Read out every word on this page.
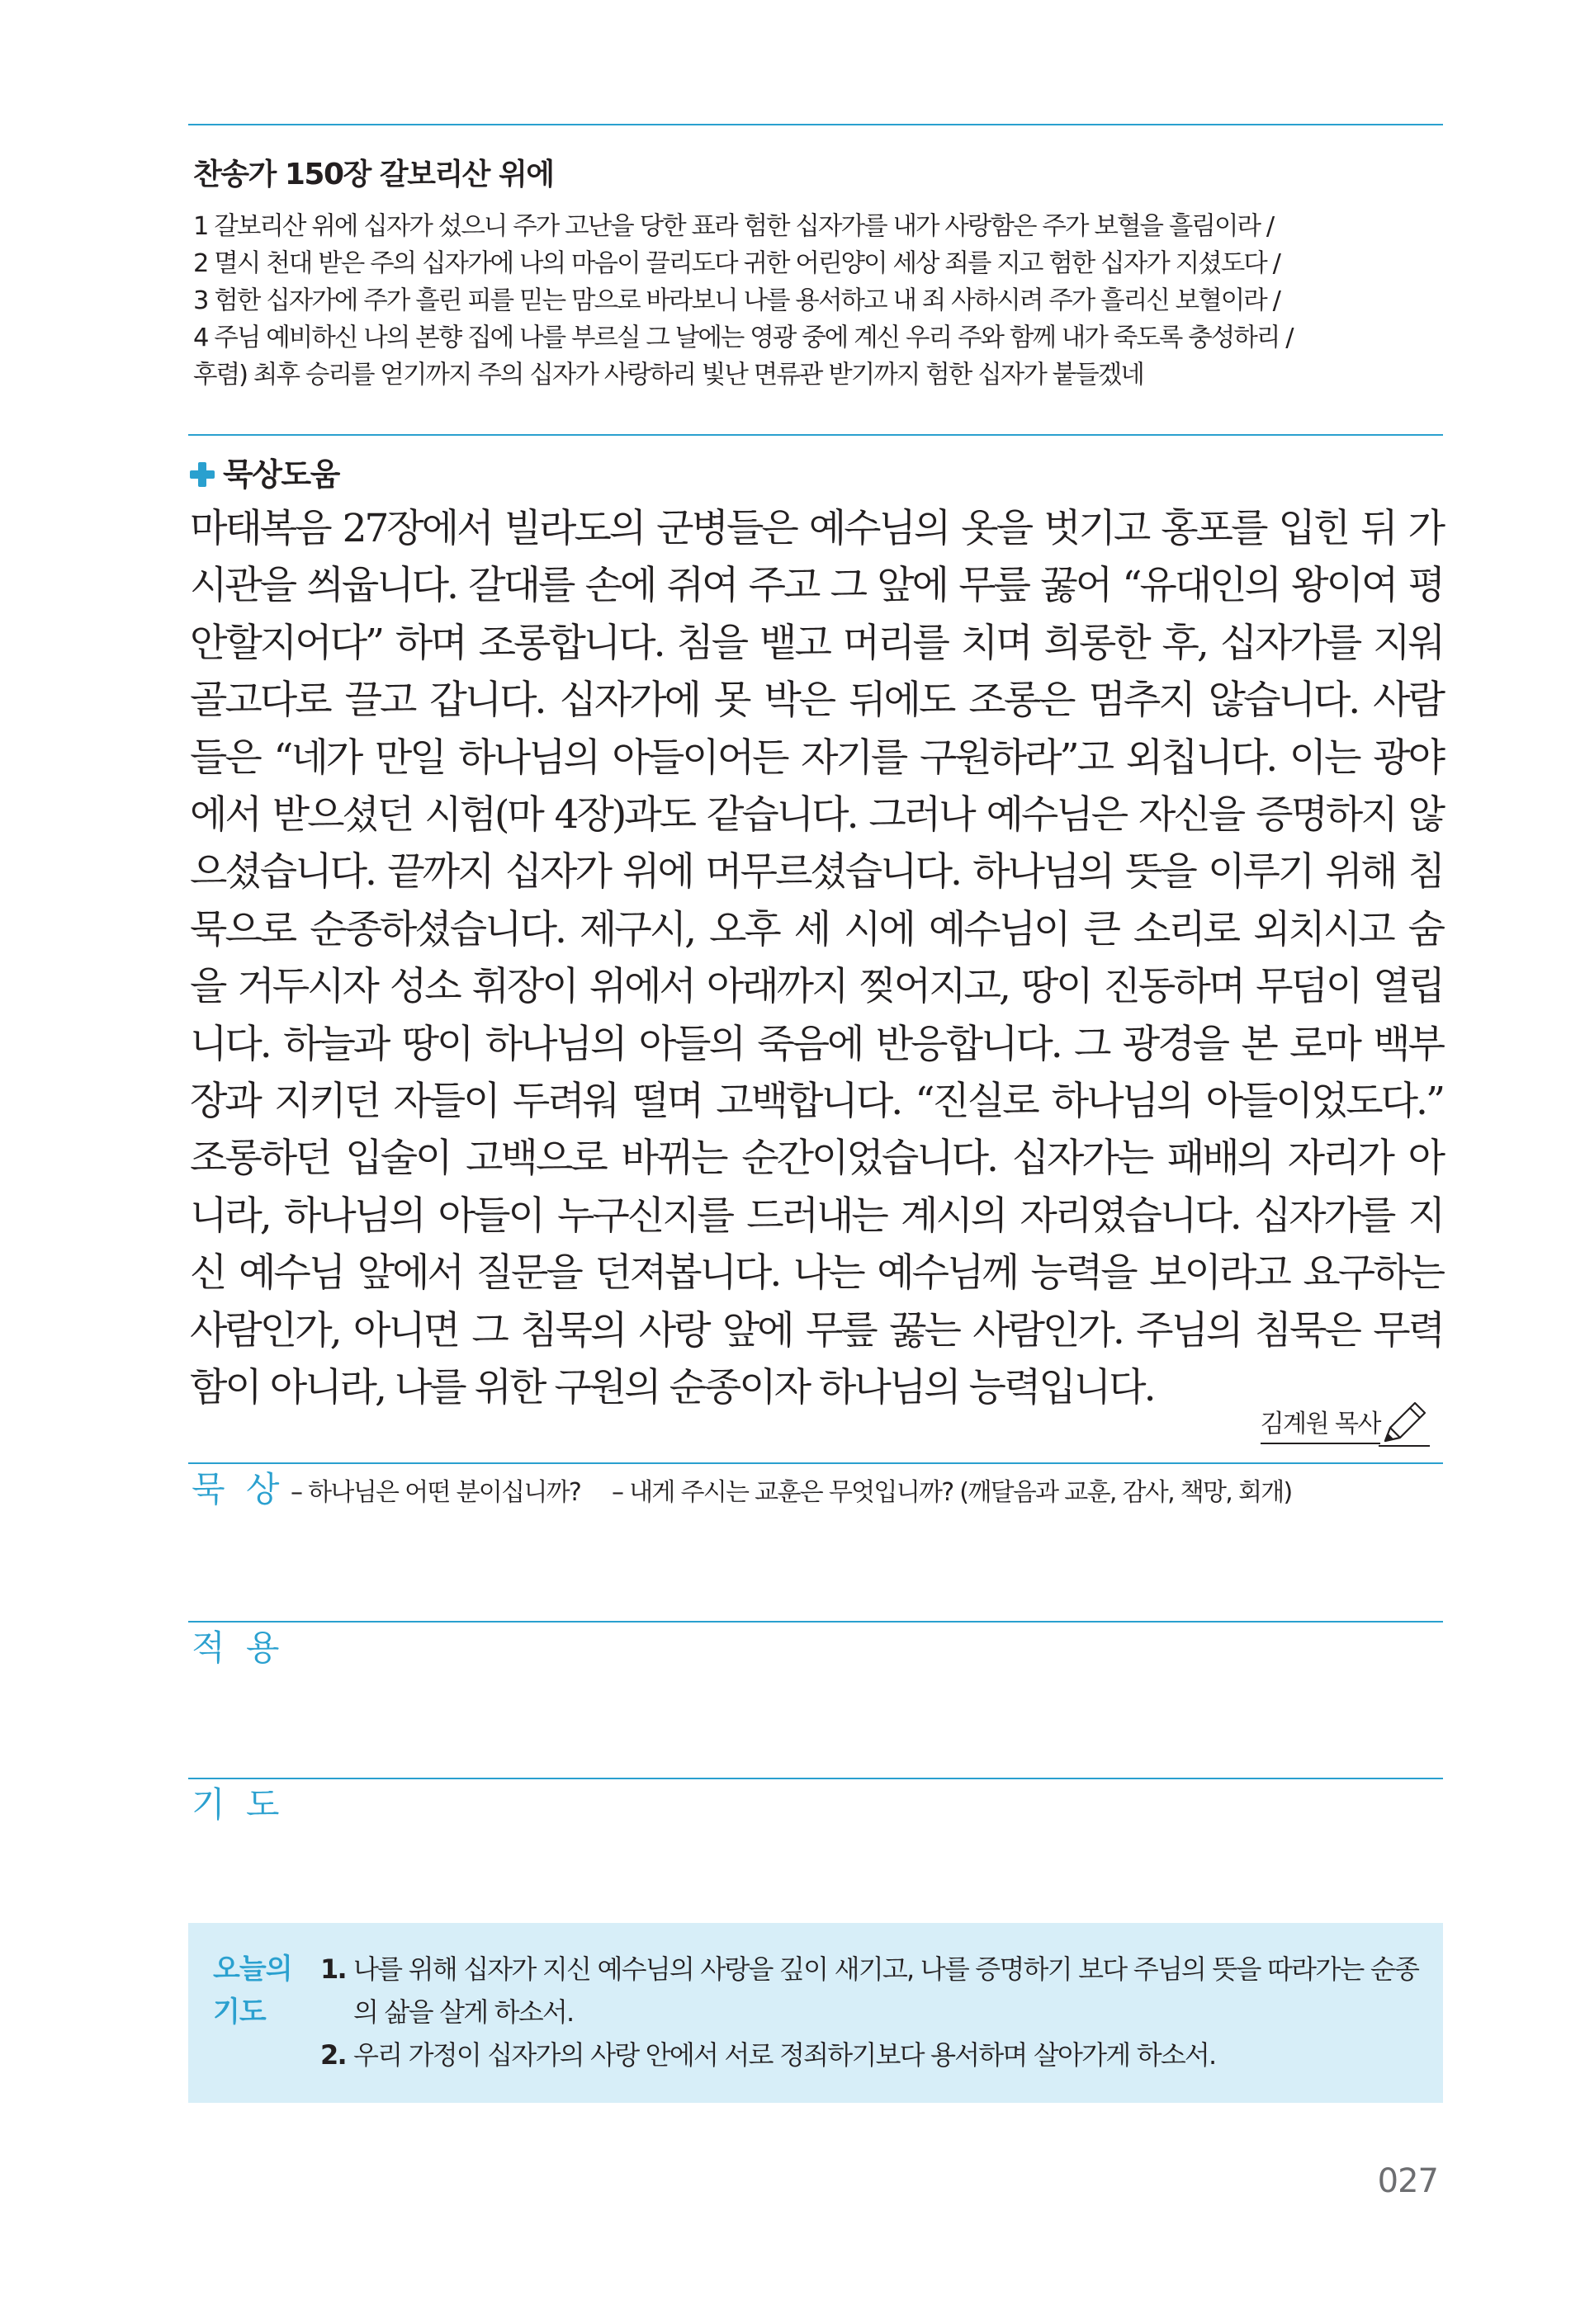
찬송가 150장 갈보리산 위에
1 갈보리산 위에 십자가 섰으니 주가 고난을 당한 표라 험한 십자가를 내가 사랑함은 주가 보혈을 흘림이라 /
2 멸시 천대 받은 주의 십자가에 나의 마음이 끌리도다 귀한 어린양이 세상 죄를 지고 험한 십자가 지셨도다 /
3 험한 십자가에 주가 흘린 피를 믿는 맘으로 바라보니 나를 용서하고 내 죄 사하시려 주가 흘리신 보혈이라 /
4 주님 예비하신 나의 본향 집에 나를 부르실 그 날에는 영광 중에 계신 우리 주와 함께 내가 죽도록 충성하리 /
후렴) 최후 승리를 얻기까지 주의 십자가 사랑하리 빛난 면류관 받기까지 험한 십자가 붙들겠네
묵상도움
마태복음 27장에서 빌라도의 군병들은 예수님의 옷을 벗기고 홍포를 입힌 뒤 가
시관을 씌웁니다. 갈대를 손에 쥐여 주고 그 앞에 무릎 꿇어 “유대인의 왕이여 평
안할지어다” 하며 조롱합니다. 침을 뱉고 머리를 치며 희롱한 후, 십자가를 지워
골고다로 끌고 갑니다. 십자가에 못 박은 뒤에도 조롱은 멈추지 않습니다. 사람
들은 “네가 만일 하나님의 아들이어든 자기를 구원하라”고 외칩니다. 이는 광야
에서 받으셨던 시험(마 4장)과도 같습니다. 그러나 예수님은 자신을 증명하지 않
으셨습니다. 끝까지 십자가 위에 머무르셨습니다. 하나님의 뜻을 이루기 위해 침
묵으로 순종하셨습니다. 제구시, 오후 세 시에 예수님이 큰 소리로 외치시고 숨
을 거두시자 성소 휘장이 위에서 아래까지 찢어지고, 땅이 진동하며 무덤이 열립
니다. 하늘과 땅이 하나님의 아들의 죽음에 반응합니다. 그 광경을 본 로마 백부
장과 지키던 자들이 두려워 떨며 고백합니다. “진실로 하나님의 아들이었도다.”
조롱하던 입술이 고백으로 바뀌는 순간이었습니다. 십자가는 패배의 자리가 아
니라, 하나님의 아들이 누구신지를 드러내는 계시의 자리였습니다. 십자가를 지
신 예수님 앞에서 질문을 던져봅니다. 나는 예수님께 능력을 보이라고 요구하는
사람인가, 아니면 그 침묵의 사랑 앞에 무릎 꿇는 사람인가. 주님의 침묵은 무력
함이 아니라, 나를 위한 구원의 순종이자 하나님의 능력입니다.
김계원 목사
묵 상 – 하나님은 어떤 분이십니까? – 내게 주시는 교훈은 무엇입니까? (깨달음과 교훈, 감사, 책망, 회개)
적 용
기 도
오늘의
기도
1. 나를 위해 십자가 지신 예수님의 사랑을 깊이 새기고, 나를 증명하기 보다 주님의 뜻을 따라가는 순종의 삶을 살게 하소서.
2. 우리 가정이 십자가의 사랑 안에서 서로 정죄하기보다 용서하며 살아가게 하소서.
027
